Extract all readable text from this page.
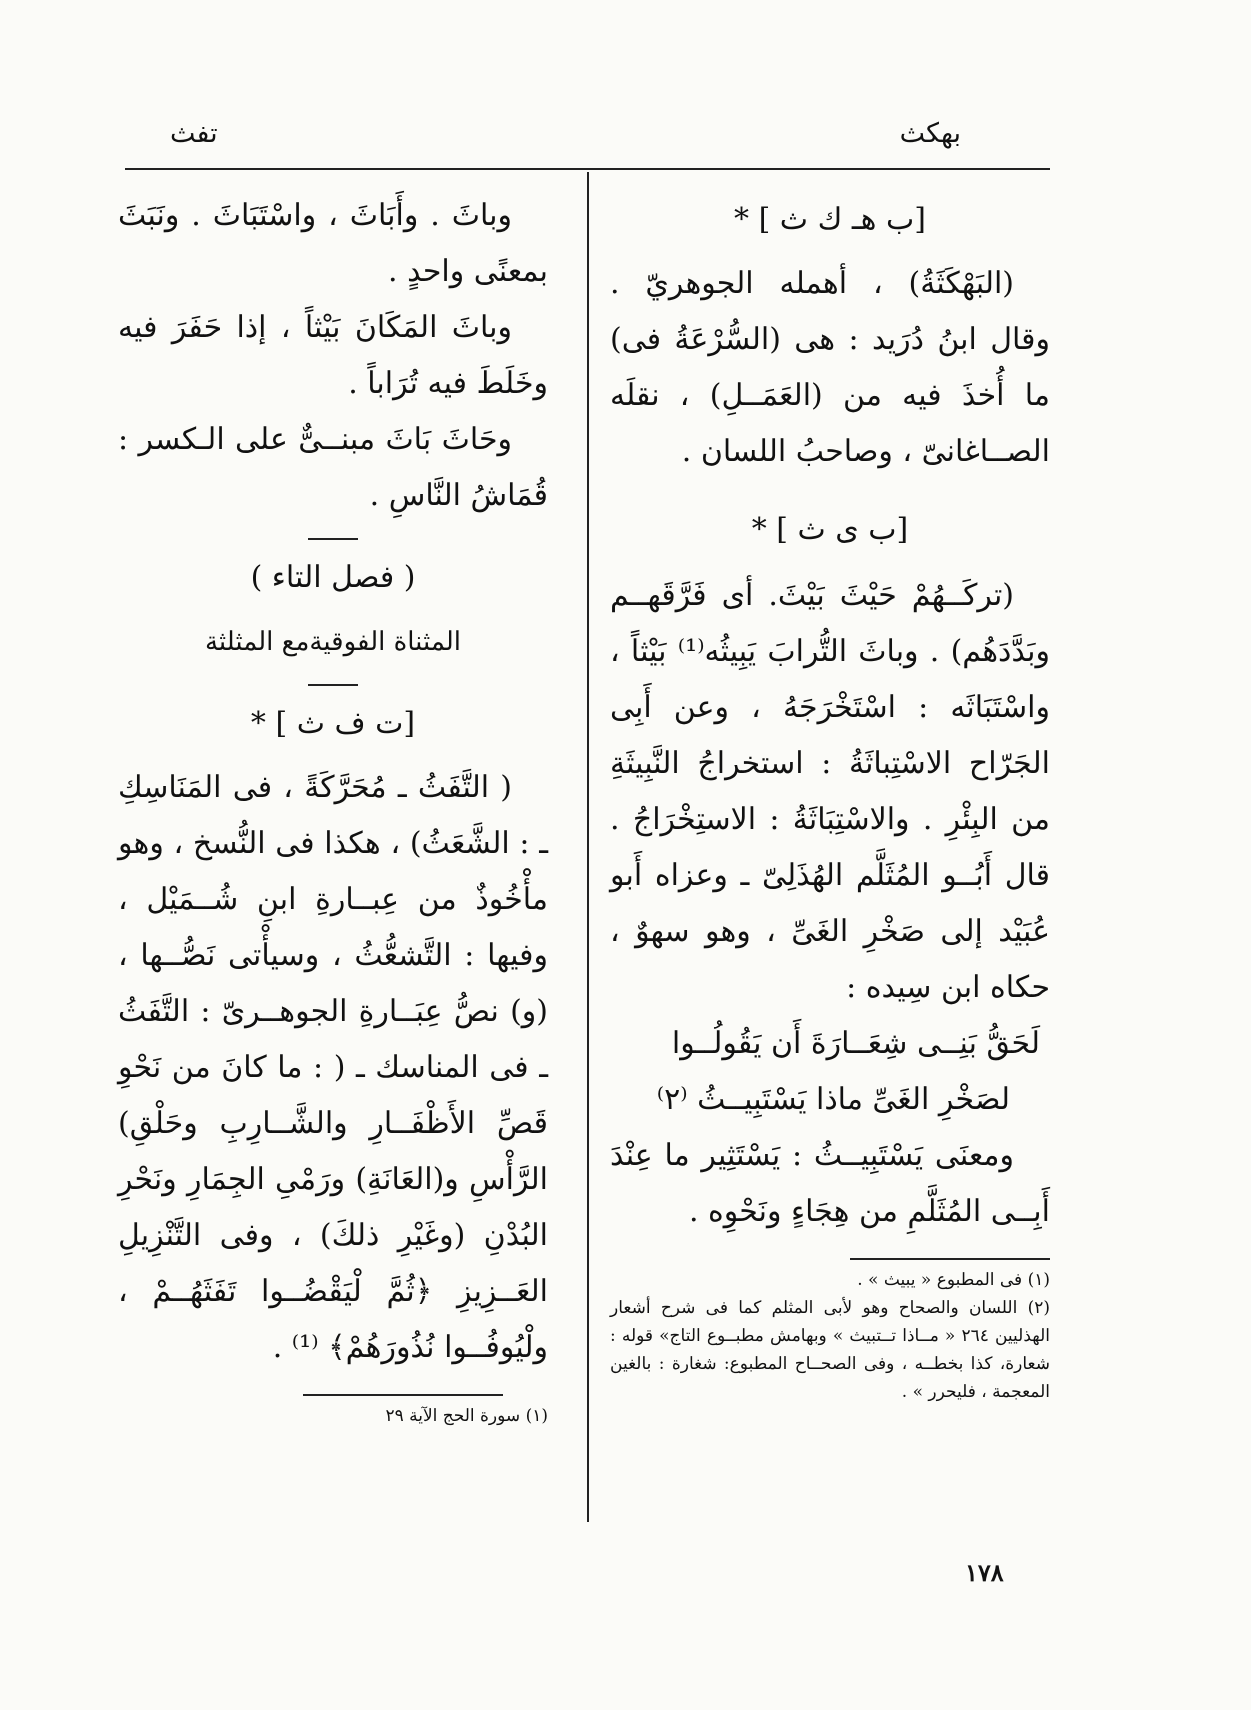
بهكث
تفث
[ب هـ ك ث ] *

(البَهْكَثَةُ) ، أهمله الجوهريّ . وقال ابنُ دُرَيد : هى (السُّرْعَةُ فى) ما أُخذَ فيه من (العَمَــلِ) ، نقلَه الصــاغانىّ ، وصاحبُ اللسان .

[ب ى ث ] *

(تركَــهُمْ حَيْثَ بَيْثَ. أى فَرَّقَهــم وبَدَّدَهُم) . وباثَ التُّرابَ يَبِيثُه⁽¹⁾ بَيْثاً ، واسْتَبَاثَه : اسْتَخْرَجَهُ ، وعن أَبِى الجَرّاح الاسْتِباثَةُ : استخراجُ النَّبِيثَةِ من البِئْرِ . والاسْتِبَاثَةُ : الاستِخْرَاجُ . قال أَبُــو المُثَلَّم الهُذَلِىّ ـ وعزاه أَبو عُبَيْد إلى صَخْرِ الغَىِّ ، وهو سهوٌ ، حكاه ابن سِيده :

لَحَقُّ بَنِــى شِعَــارَةَ أَن يَقُولُــوا

لصَخْرِ الغَىِّ ماذا يَسْتَبِيــثُ ⁽٢⁾

ومعنَى يَسْتَبِيــثُ : يَسْتَثِير ما عِنْدَ أَبِــى المُثَلَّمِ من هِجَاءٍ ونَحْوِه .

(١) فى المطبوع « يبيث » .

(٢) اللسان والصحاح وهو لأبى المثلم كما فى شرح أشعار الهذليين ٢٦٤ « مــاذا تــتبيث » وبهامش مطبــوع التاج» قوله : شعارة، كذا بخطــه ، وفى الصحــاح المطبوع: شغارة : بالغين المعجمة ، فليحرر » .

وباثَ . وأَبَاثَ ، واسْتَبَاثَ . ونَبَثَ بمعنًى واحدٍ .

وباثَ المَكَانَ بَيْثاً ، إذا حَفَرَ فيه وخَلَطَ فيه تُرَاباً .

وحَاثَ بَاثَ مبنــىٌّ على الـكسر : قُمَاشُ النَّاسِ .

( فصل التاء )
المثناة الفوقيةمع المثلثة
[ت ف ث ] *

( التَّفَثُ ـ مُحَرَّكَةً ، فى المَنَاسِكِ ـ : الشَّعَثُ) ، هكذا فى النُّسخ ، وهو مأْخُوذٌ من عِبــارةِ ابنِ شُــمَيْل ، وفيها : التَّشعُّثُ ، وسيأْتى نَصُّــها ، (و) نصُّ عِبَــارةِ الجوهــرىّ : التَّفَثُ ـ فى المناسك ـ ( : ما كانَ من نَحْوِ قَصِّ الأَظْفَــارِ والشَّــارِبِ وحَلْقِ) الرَّأْسِ و(العَانَةِ) ورَمْىِ الجِمَارِ ونَحْرِ البُدْنِ (وغَيْرِ ذلكَ) ، وفى التَّنْزِيلِ العَــزِيزِ ﴿ثُمَّ لْيَقْضُــوا تَفَثَهُــمْ ، ولْيُوفُــوا نُذُورَهُمْ﴾ ⁽¹⁾ .

(١) سورة الحج الآية ٢٩

١٧٨
